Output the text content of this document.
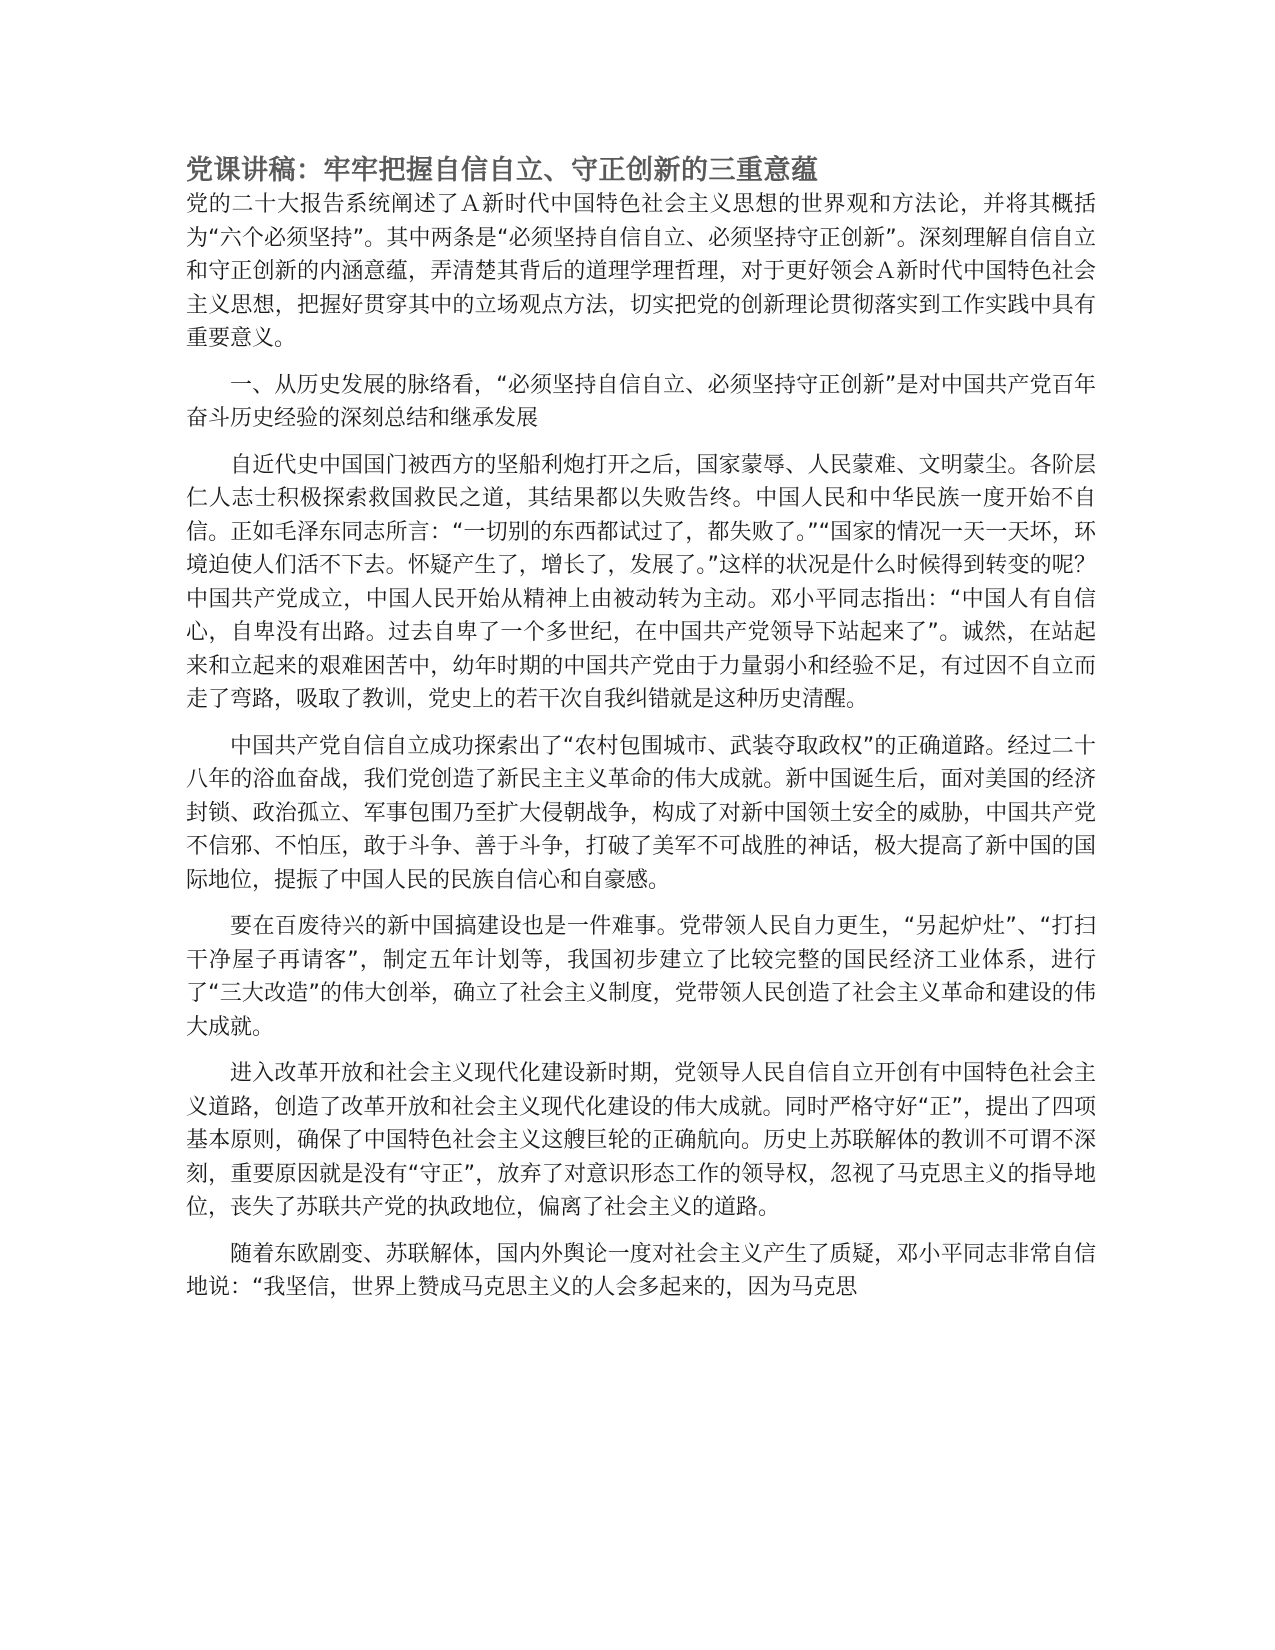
党课讲稿：牢牢把握自信自立、守正创新的三重意蕴

党的二十大报告系统阐述了Ａ新时代中国特色社会主义思想的世界观和方法论，并将其概括为“六个必须坚持”。其中两条是“必须坚持自信自立、必须坚持守正创新”。深刻理解自信自立和守正创新的内涵意蕴，弄清楚其背后的道理学理哲理，对于更好领会Ａ新时代中国特色社会主义思想，把握好贯穿其中的立场观点方法，切实把党的创新理论贯彻落实到工作实践中具有重要意义。

一、从历史发展的脉络看，“必须坚持自信自立、必须坚持守正创新”是对中国共产党百年奋斗历史经验的深刻总结和继承发展

自近代史中国国门被西方的坚船利炮打开之后，国家蒙辱、人民蒙难、文明蒙尘。各阶层仁人志士积极探索救国救民之道，其结果都以失败告终。中国人民和中华民族一度开始不自信。正如毛泽东同志所言：“一切别的东西都试过了，都失败了。”“国家的情况一天一天坏，环境迫使人们活不下去。怀疑产生了，增长了，发展了。”这样的状况是什么时候得到转变的呢？中国共产党成立，中国人民开始从精神上由被动转为主动。邓小平同志指出：“中国人有自信心，自卑没有出路。过去自卑了一个多世纪，在中国共产党领导下站起来了”。诚然，在站起来和立起来的艰难困苦中，幼年时期的中国共产党由于力量弱小和经验不足，有过因不自立而走了弯路，吸取了教训，党史上的若干次自我纠错就是这种历史清醒。

中国共产党自信自立成功探索出了“农村包围城市、武装夺取政权”的正确道路。经过二十八年的浴血奋战，我们党创造了新民主主义革命的伟大成就。新中国诞生后，面对美国的经济封锁、政治孤立、军事包围乃至扩大侵朝战争，构成了对新中国领土安全的威胁，中国共产党不信邪、不怕压，敢于斗争、善于斗争，打破了美军不可战胜的神话，极大提高了新中国的国际地位，提振了中国人民的民族自信心和自豪感。

要在百废待兴的新中国搞建设也是一件难事。党带领人民自力更生，“另起炉灶”、“打扫干净屋子再请客”，制定五年计划等，我国初步建立了比较完整的国民经济工业体系，进行了“三大改造”的伟大创举，确立了社会主义制度，党带领人民创造了社会主义革命和建设的伟大成就。

进入改革开放和社会主义现代化建设新时期，党领导人民自信自立开创有中国特色社会主义道路，创造了改革开放和社会主义现代化建设的伟大成就。同时严格守好“正”，提出了四项基本原则，确保了中国特色社会主义这艘巨轮的正确航向。历史上苏联解体的教训不可谓不深刻，重要原因就是没有“守正”，放弃了对意识形态工作的领导权，忽视了马克思主义的指导地位，丧失了苏联共产党的执政地位，偏离了社会主义的道路。

随着东欧剧变、苏联解体，国内外舆论一度对社会主义产生了质疑，邓小平同志非常自信地说：“我坚信，世界上赞成马克思主义的人会多起来的，因为马克思
